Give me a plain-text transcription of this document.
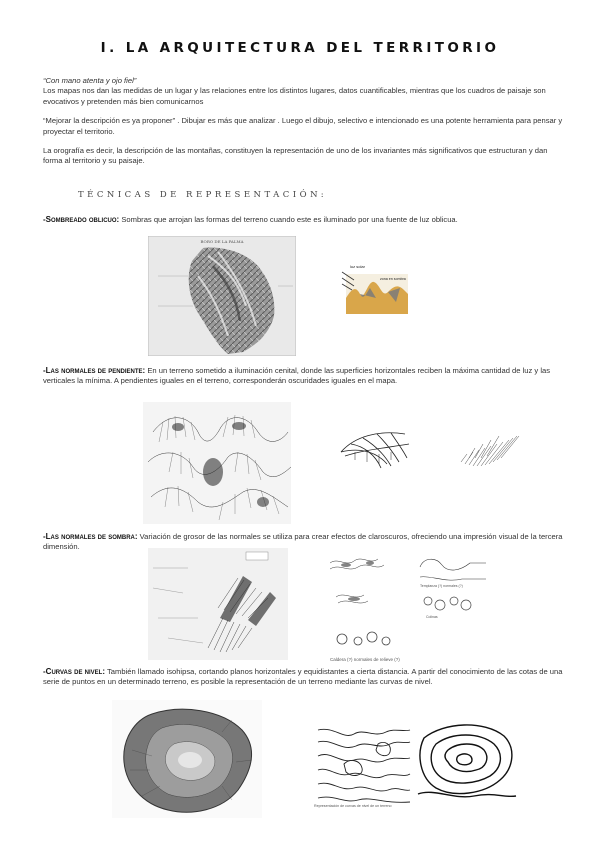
I. LA ARQUITECTURA DEL TERRITORIO
“Con mano atenta y ojo fiel”
Los mapas nos dan las medidas de un lugar y las relaciones entre los distintos lugares, datos cuantificables, mientras que los cuadros de paisaje son evocativos y pretenden más bien comunicarnos
“Mejorar la descripción es ya proponer” . Dibujar es más que analizar . Luego el dibujo, selectivo e intencionado es una potente herramienta para pensar y proyectar el territorio.
La orografía es decir, la descripción de las montañas, constituyen la representación de uno de los invariantes más significativos que estructuran y dan forma al territorio y su paisaje.
TÉCNICAS DE REPRESENTACIÓN:
-Sombreado oblicuo: Sombras que arrojan las formas del terreno cuando este es iluminado por una fuente de luz oblicua.
BORO DE LA PALMA
luz solar
zona en sombra
-Las normales de pendiente: En un terreno sometido a iluminación cenital, donde las superficies horizontales reciben la máxima cantidad de luz y las verticales la mínima. A pendientes iguales en el terreno, corresponderán oscuridades iguales en el mapa.
-Las normales de sombra: Variación de grosor de las normales se utiliza para crear efectos de claroscuros, ofreciendo una impresión visual de la tercera dimensión.
Caldera (?) normales de relieve (?)
Templanza (?) normales (?)
Colinas
-Curvas de nivel: También llamado isohipsa, cortando planos horizontales y equidistantes a cierta distancia. A partir del conocimiento de las cotas de una serie de puntos en un determinado terreno, es posible la representación de un terreno mediante las curvas de nivel.
Representación de curvas de nivel de un terreno
